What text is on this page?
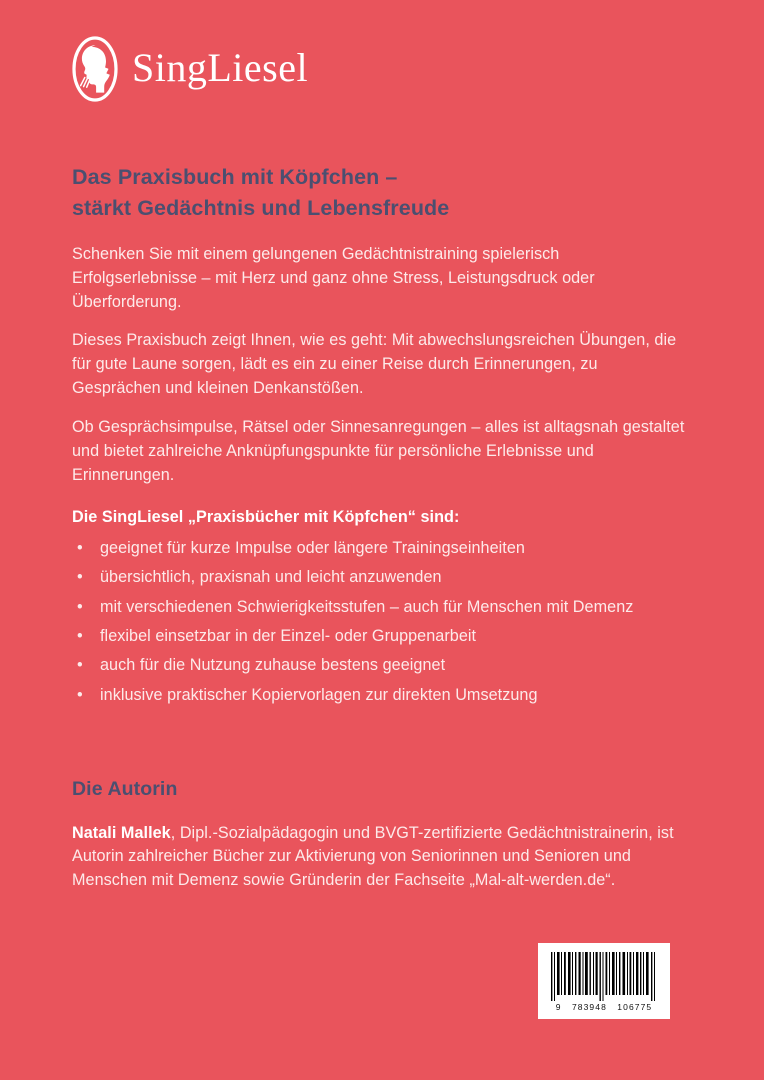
SingLiesel
Das Praxisbuch mit Köpfchen –
stärkt Gedächtnis und Lebensfreude

Schenken Sie mit einem gelungenen Gedächtnistraining spielerisch Erfolgserlebnisse – mit Herz und ganz ohne Stress, Leistungsdruck oder Überforderung.

Dieses Praxisbuch zeigt Ihnen, wie es geht: Mit abwechslungsreichen Übungen, die für gute Laune sorgen, lädt es ein zu einer Reise durch Erinnerungen, zu Gesprächen und kleinen Denkanstößen.

Ob Gesprächsimpulse, Rätsel oder Sinnesanregungen – alles ist alltagsnah gestaltet und bietet zahlreiche Anknüpfungspunkte für persönliche Erlebnisse und Erinnerungen.

Die SingLiesel „Praxisbücher mit Köpfchen“ sind:
• geeignet für kurze Impulse oder längere Trainingseinheiten
• übersichtlich, praxisnah und leicht anzuwenden
• mit verschiedenen Schwierigkeitsstufen – auch für Menschen mit Demenz
• flexibel einsetzbar in der Einzel- oder Gruppenarbeit
• auch für die Nutzung zuhause bestens geeignet
• inklusive praktischer Kopiervorlagen zur direkten Umsetzung
Die Autorin

Natali Mallek, Dipl.-Sozialpädagogin und BVGT-zertifizierte Gedächtnistrainerin, ist Autorin zahlreicher Bücher zur Aktivierung von Seniorinnen und Senioren und Menschen mit Demenz sowie Gründerin der Fachseite „Mal-alt-werden.de“.

9   783948   106775
